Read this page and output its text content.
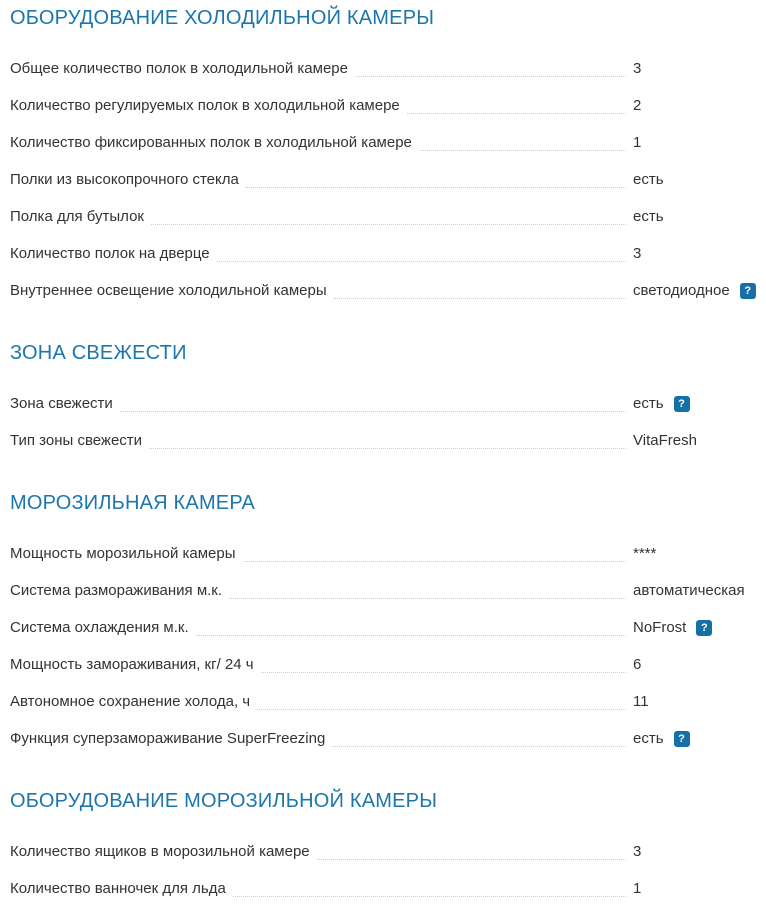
ОБОРУДОВАНИЕ ХОЛОДИЛЬНОЙ КАМЕРЫ
Общее количество полок в холодильной камере	3
Количество регулируемых полок в холодильной камере	2
Количество фиксированных полок в холодильной камере	1
Полки из высокопрочного стекла	есть
Полка для бутылок	есть
Количество полок на дверце	3
Внутреннее освещение холодильной камеры	светодиодное	?
ЗОНА СВЕЖЕСТИ
Зона свежести	есть	?
Тип зоны свежести	VitaFresh
МОРОЗИЛЬНАЯ КАМЕРА
Мощность морозильной камеры	****
Система размораживания м.к.	автоматическая
Система охлаждения м.к.	NoFrost	?
Мощность замораживания, кг/ 24 ч	6
Автономное сохранение холода, ч	11
Функция суперзамораживание SuperFreezing	есть	?
ОБОРУДОВАНИЕ МОРОЗИЛЬНОЙ КАМЕРЫ
Количество ящиков в морозильной камере	3
Количество ванночек для льда	1
